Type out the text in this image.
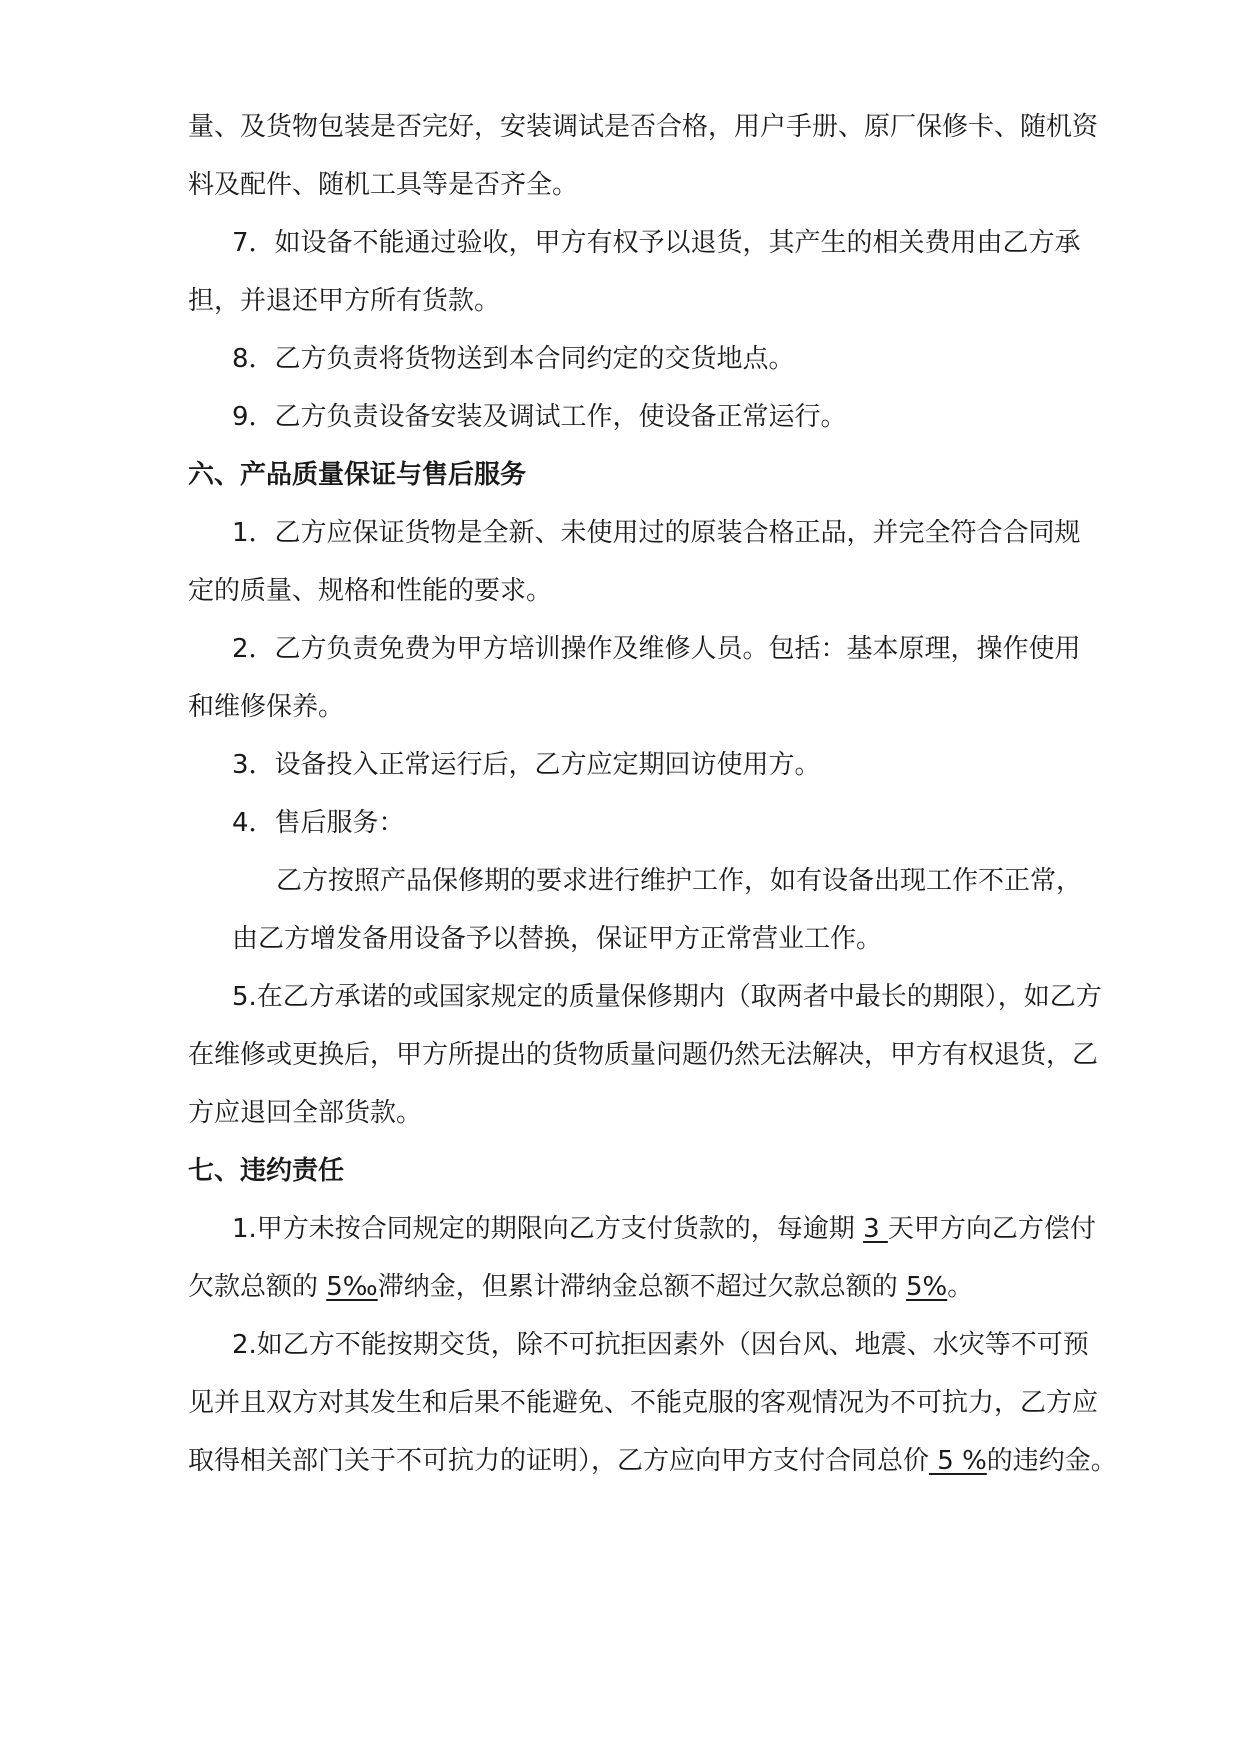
量、及货物包装是否完好，安装调试是否合格，用户手册、原厂保修卡、随机资
料及配件、随机工具等是否齐全。
7．如设备不能通过验收，甲方有权予以退货，其产生的相关费用由乙方承
担，并退还甲方所有货款。
8．乙方负责将货物送到本合同约定的交货地点。
9．乙方负责设备安装及调试工作，使设备正常运行。
六、产品质量保证与售后服务
1．乙方应保证货物是全新、未使用过的原装合格正品，并完全符合合同规
定的质量、规格和性能的要求。
2．乙方负责免费为甲方培训操作及维修人员。包括：基本原理，操作使用
和维修保养。
3．设备投入正常运行后，乙方应定期回访使用方。
4．售后服务：
乙方按照产品保修期的要求进行维护工作，如有设备出现工作不正常，
由乙方增发备用设备予以替换，保证甲方正常营业工作。
5.在乙方承诺的或国家规定的质量保修期内（取两者中最长的期限），如乙方
在维修或更换后，甲方所提出的货物质量问题仍然无法解决，甲方有权退货，乙
方应退回全部货款。
七、违约责任
1.甲方未按合同规定的期限向乙方支付货款的，每逾期 3 天甲方向乙方偿付
欠款总额的 5‰滞纳金，但累计滞纳金总额不超过欠款总额的 5%。
2.如乙方不能按期交货，除不可抗拒因素外（因台风、地震、水灾等不可预
见并且双方对其发生和后果不能避免、不能克服的客观情况为不可抗力，乙方应
取得相关部门关于不可抗力的证明），乙方应向甲方支付合同总价 5 %的违约金。
